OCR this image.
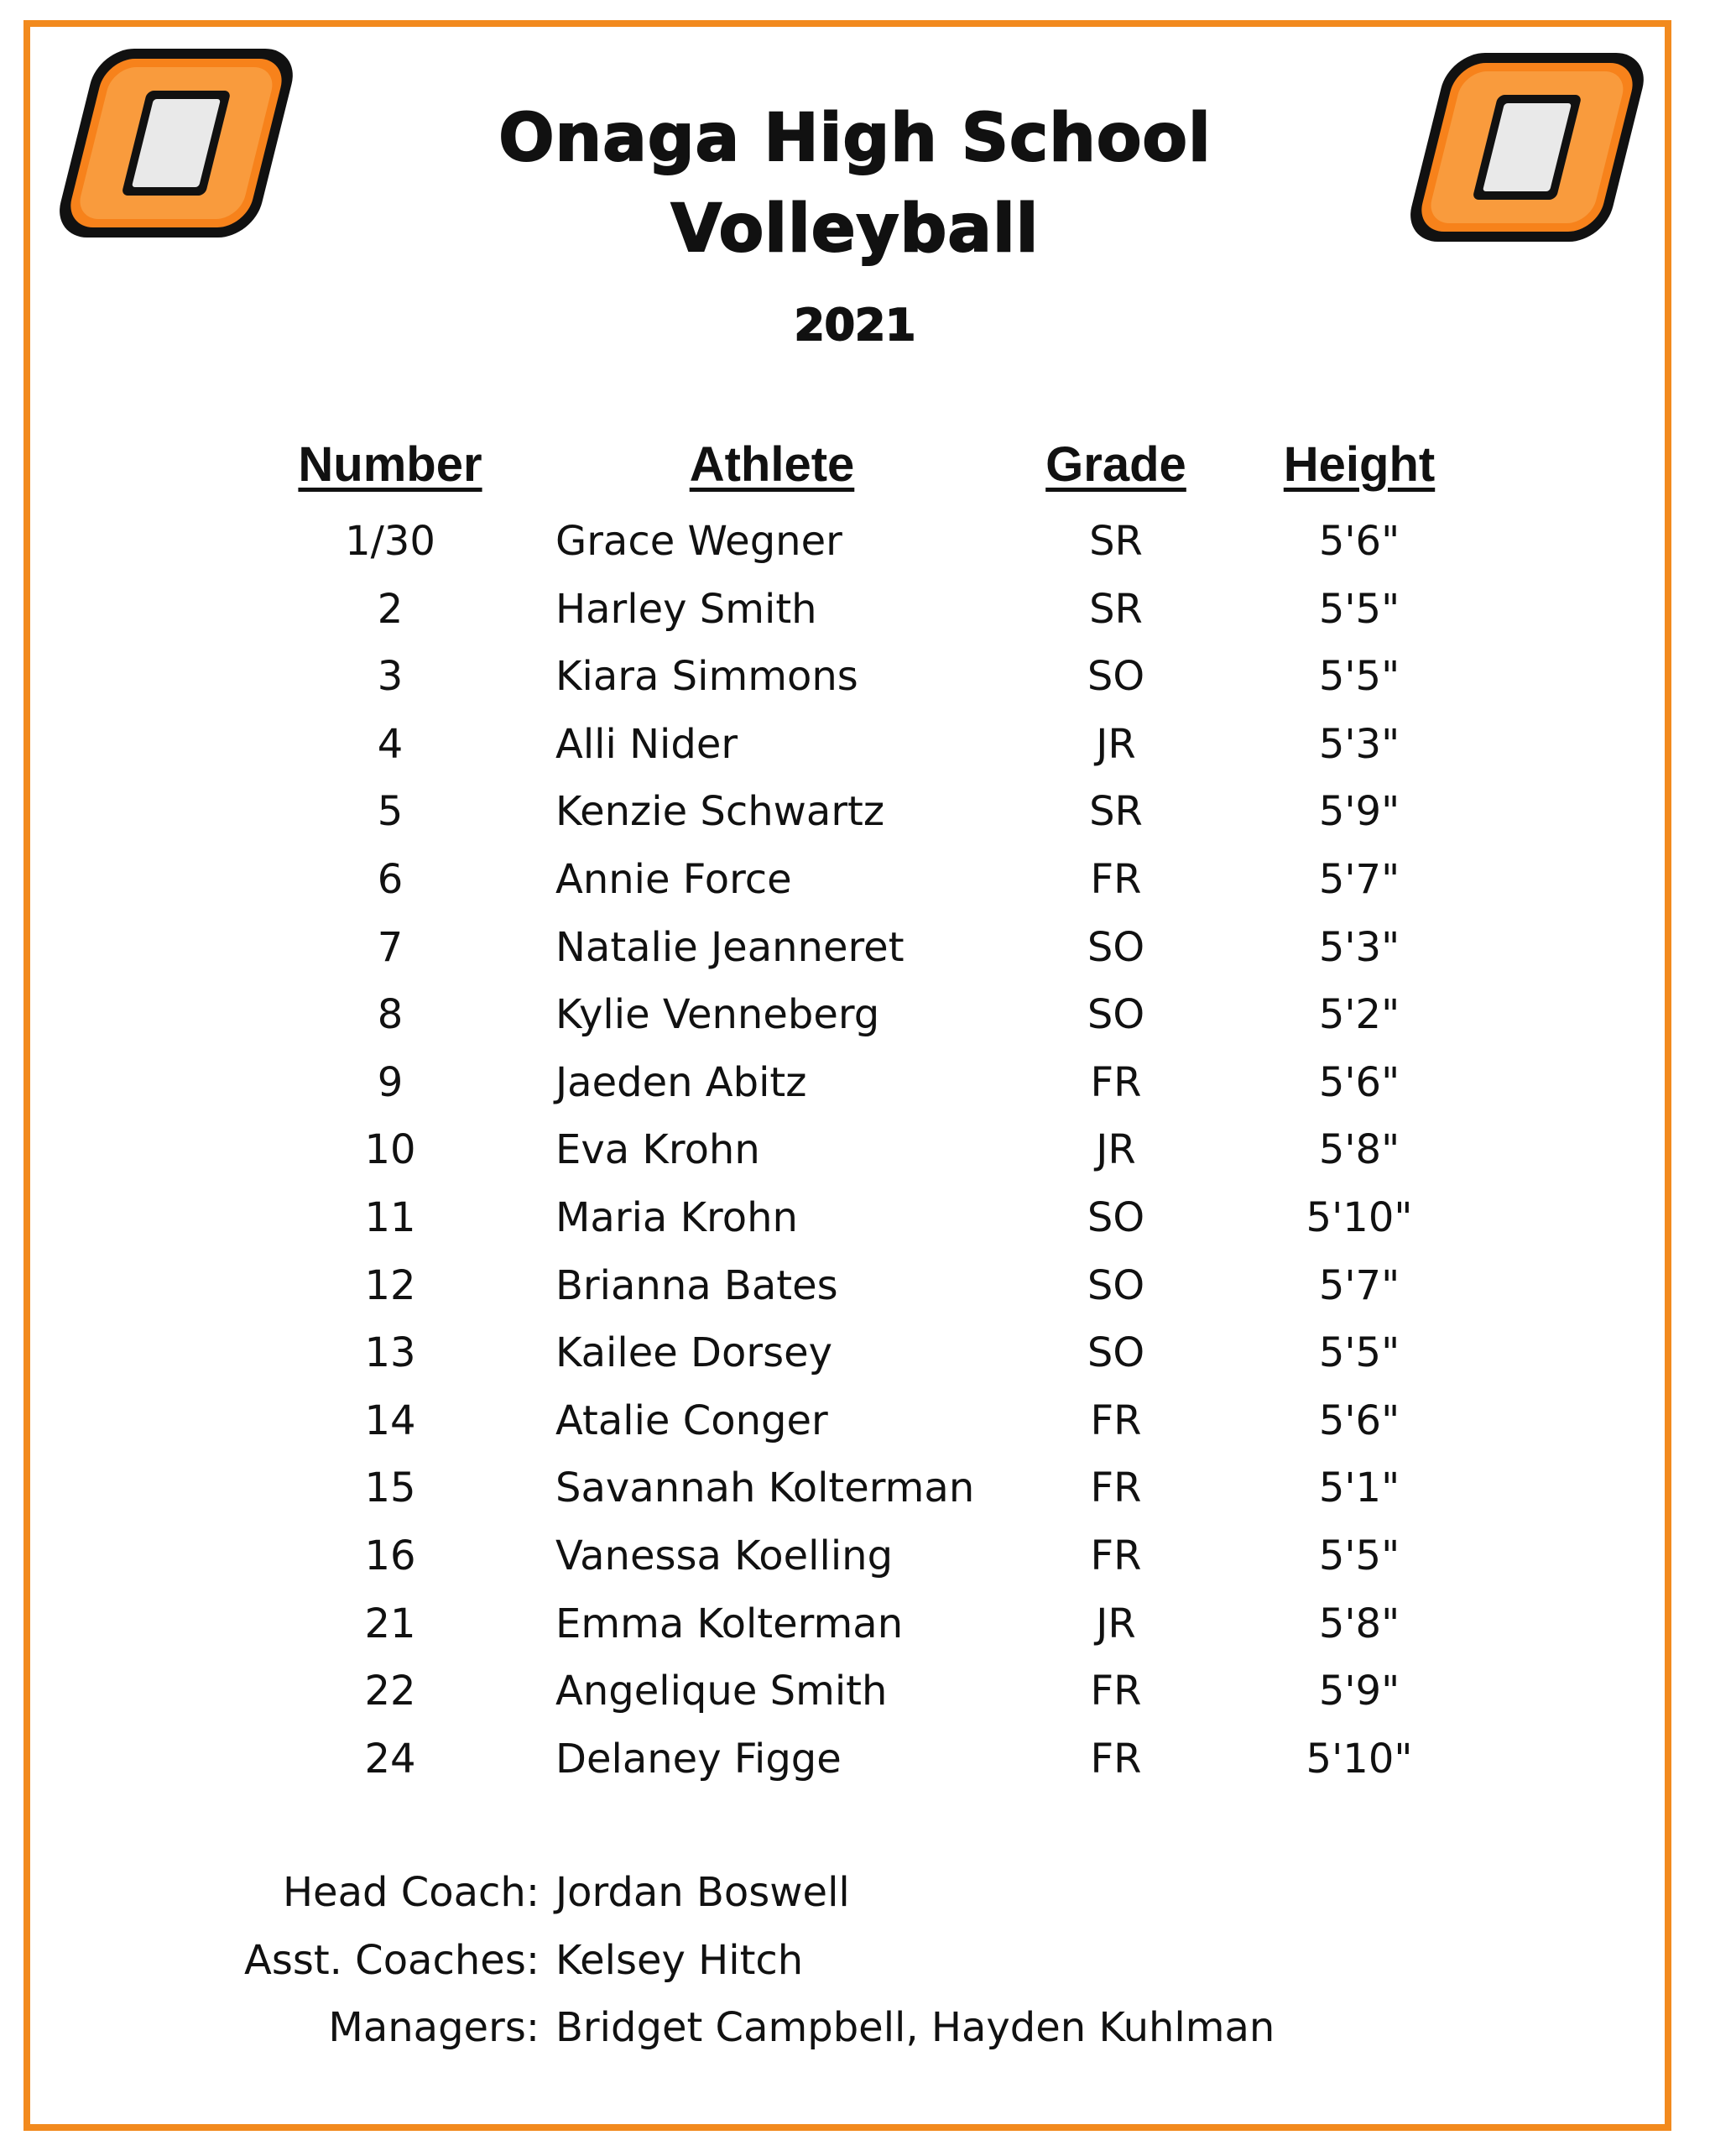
Onaga High School
Volleyball
2021
Number	Athlete	Grade	Height
1/30	Grace Wegner	SR	5'6"
2	Harley Smith	SR	5'5"
3	Kiara Simmons	SO	5'5"
4	Alli Nider	JR	5'3"
5	Kenzie Schwartz	SR	5'9"
6	Annie Force	FR	5'7"
7	Natalie Jeanneret	SO	5'3"
8	Kylie Venneberg	SO	5'2"
9	Jaeden Abitz	FR	5'6"
10	Eva Krohn	JR	5'8"
11	Maria Krohn	SO	5'10"
12	Brianna Bates	SO	5'7"
13	Kailee Dorsey	SO	5'5"
14	Atalie Conger	FR	5'6"
15	Savannah Kolterman	FR	5'1"
16	Vanessa Koelling	FR	5'5"
21	Emma Kolterman	JR	5'8"
22	Angelique Smith	FR	5'9"
24	Delaney Figge	FR	5'10"
Head Coach: Jordan Boswell
Asst. Coaches: Kelsey Hitch
Managers: Bridget Campbell, Hayden Kuhlman
